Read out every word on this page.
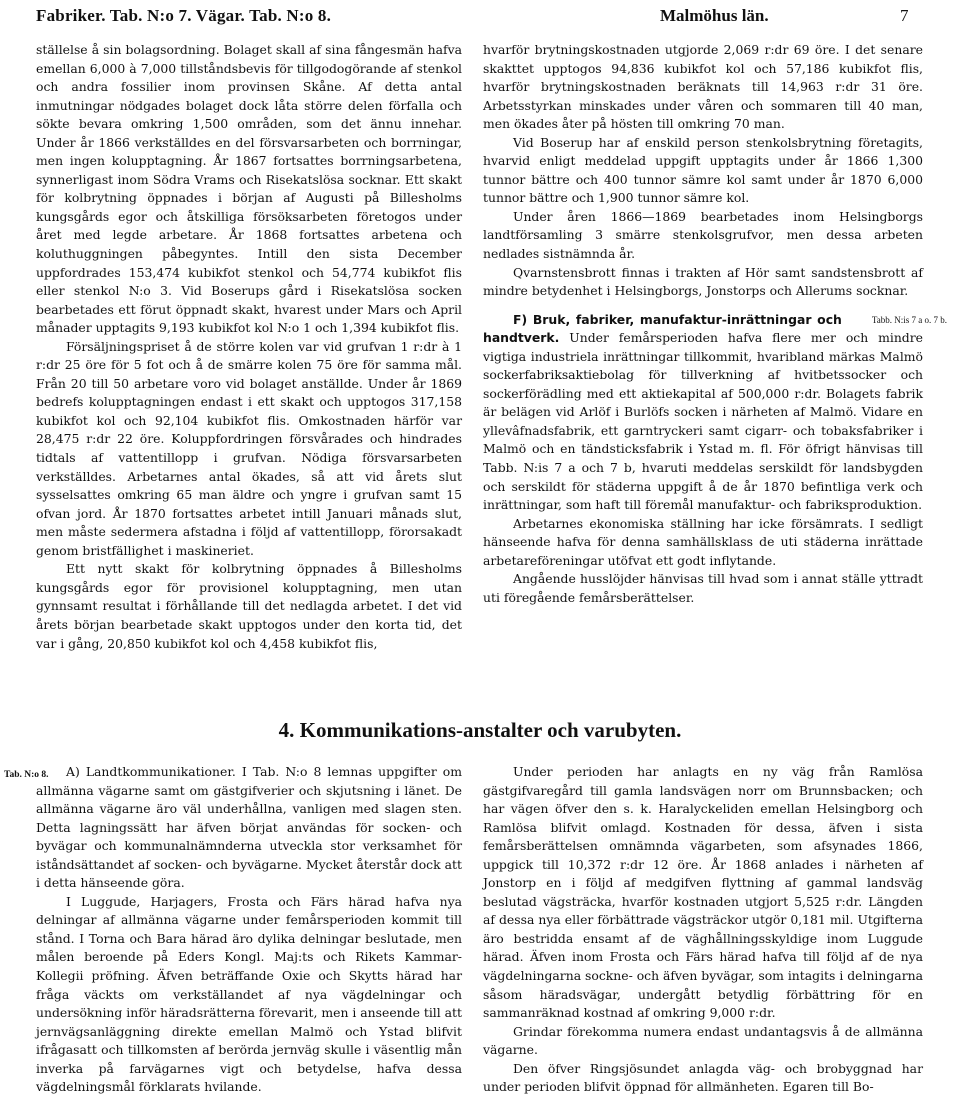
Fabriker. Tab. N:o 7. Vägar. Tab. N:o 8.	Malmöhus län.	7

ställelse å sin bolagsordning. Bolaget skall af sina fångesmän hafva emellan 6,000 à 7,000 tillståndsbevis för tillgodogörande af stenkol och andra fossilier inom provinsen Skåne. Af detta antal inmutningar nödgades bolaget dock låta större delen förfalla och sökte bevara omkring 1,500 områden, som det ännu innehar. Under år 1866 verkställdes en del försvarsarbeten och borrningar, men ingen kolupptagning. År 1867 fortsattes borrningsarbetena, synnerligast inom Södra Vrams och Risekatslösa socknar. Ett skakt för kolbrytning öppnades i början af Augusti på Billesholms kungsgårds egor och åtskilliga försöksarbeten företogos under året med legde arbetare. År 1868 fortsattes arbetena och koluthuggningen påbegyntes. Intill den sista December uppfordrades 153,474 kubikfot stenkol och 54,774 kubikfot flis eller stenkol N:o 3. Vid Boserups gård i Risekatslösa socken bearbetades ett förut öppnadt skakt, hvarest under Mars och April månader upptagits 9,193 kubikfot kol N:o 1 och 1,394 kubikfot flis.

Försäljningspriset å de större kolen var vid grufvan 1 r:dr à 1 r:dr 25 öre för 5 fot och å de smärre kolen 75 öre för samma mål. Från 20 till 50 arbetare voro vid bolaget anställde. Under år 1869 bedrefs kolupptagningen endast i ett skakt och upptogos 317,158 kubikfot kol och 92,104 kubikfot flis. Omkostnaden härför var 28,475 r:dr 22 öre. Koluppfordringen försvårades och hindrades tidtals af vattentillopp i grufvan. Nödiga försvarsarbeten verkställdes. Arbetarnes antal ökades, så att vid årets slut sysselsattes omkring 65 man äldre och yngre i grufvan samt 15 ofvan jord. År 1870 fortsattes arbetet intill Januari månads slut, men måste sedermera afstadna i följd af vattentillopp, förorsakadt genom bristfällighet i maskineriet.

Ett nytt skakt för kolbrytning öppnades å Billesholms kungsgårds egor för provisionel kolupptagning, men utan gynnsamt resultat i förhållande till det nedlagda arbetet. I det vid årets början bearbetade skakt upptogos under den korta tid, det var i gång, 20,850 kubikfot kol och 4,458 kubikfot flis,

hvarför brytningskostnaden utgjorde 2,069 r:dr 69 öre. I det senare skakttet upptogos 94,836 kubikfot kol och 57,186 kubikfot flis, hvarför brytningskostnaden beräknats till 14,963 r:dr 31 öre. Arbetsstyrkan minskades under våren och sommaren till 40 man, men ökades åter på hösten till omkring 70 man.

Vid Boserup har af enskild person stenkolsbrytning företagits, hvarvid enligt meddelad uppgift upptagits under år 1866 1,300 tunnor bättre och 400 tunnor sämre kol samt under år 1870 6,000 tunnor bättre och 1,900 tunnor sämre kol.

Under åren 1866—1869 bearbetades inom Helsingborgs landtförsamling 3 smärre stenkolsgrufvor, men dessa arbeten nedlades sistnämnda år.

Qvarnstensbrott finnas i trakten af Hör samt sandstensbrott af mindre betydenhet i Helsingborgs, Jonstorps och Allerums socknar.

Tabb. N:is 7 a o. 7 b.
F) Bruk, fabriker, manufaktur-inrättningar och handtverk. Under femårsperioden hafva flere mer och mindre vigtiga industriela inrättningar tillkommit, hvaribland märkas Malmö sockerfabriksaktiebolag för tillverkning af hvitbetssocker och sockerförädling med ett aktiekapital af 500,000 r:dr. Bolagets fabrik är belägen vid Arlöf i Burlöfs socken i närheten af Malmö. Vidare en yllevâfnadsfabrik, ett garntryckeri samt cigarr- och tobaksfabriker i Malmö och en tändsticksfabrik i Ystad m. fl. För öfrigt hänvisas till Tabb. N:is 7 a och 7 b, hvaruti meddelas serskildt för landsbygden och serskildt för städerna uppgift å de år 1870 befintliga verk och inrättningar, som haft till föremål manufaktur- och fabriksproduktion.

Arbetarnes ekonomiska ställning har icke försämrats. I sedligt hänseende hafva för denna samhällsklass de uti städerna inrättade arbetareföreningar utöfvat ett godt inflytande.

Angående husslöjder hänvisas till hvad som i annat ställe yttradt uti föregående femårsberättelser.

4. Kommunikations-anstalter och varubyten.
Tab. N:o 8.	A) Landtkommunikationer. I Tab. N:o 8 lemnas uppgifter om allmänna vägarne samt om gästgifverier och skjutsning i länet. De allmänna vägarne äro väl underhållna, vanligen med slagen sten. Detta lagningssätt har äfven börjat användas för socken- och byvägar och kommunalnämnderna utveckla stor verksamhet för iståndsättandet af socken- och byvägarne. Mycket återstår dock att i detta hänseende göra.

I Luggude, Harjagers, Frosta och Färs härad hafva nya delningar af allmänna vägarne under femårsperioden kommit till stånd. I Torna och Bara härad äro dylika delningar beslutade, men målen beroende på Eders Kongl. Maj:ts och Rikets Kammar-Kollegii pröfning. Äfven beträffande Oxie och Skytts härad har fråga väckts om verkställandet af nya vägdelningar och undersökning inför häradsrätterna förevarit, men i anseende till att jernvägsanläggning direkte emellan Malmö och Ystad blifvit ifrågasatt och tillkomsten af berörda jernväg skulle i väsentlig mån inverka på farvägarnes vigt och betydelse, hafva dessa vägdelningsmål förklarats hvilande.

Under perioden har anlagts en ny väg från Ramlösa gästgifvaregård till gamla landsvägen norr om Brunnsbacken; och har vägen öfver den s. k. Haralyckeliden emellan Helsingborg och Ramlösa blifvit omlagd. Kostnaden för dessa, äfven i sista femårsberättelsen omnämnda vägarbeten, som afsynades 1866, uppgick till 10,372 r:dr 12 öre. År 1868 anlades i närheten af Jonstorp en i följd af medgifven flyttning af gammal landsväg beslutad vägsträcka, hvarför kostnaden utgjort 5,525 r:dr. Längden af dessa nya eller förbättrade vägsträckor utgör 0,181 mil. Utgifterna äro bestridda ensamt af de väghållningsskyldige inom Luggude härad. Äfven inom Frosta och Färs härad hafva till följd af de nya vägdelningarna sockne- och äfven byvägar, som intagits i delningarna såsom häradsvägar, undergått betydlig förbättring för en sammanräknad kostnad af omkring 9,000 r:dr.

Grindar förekomma numera endast undantagsvis å de allmänna vägarne.

Den öfver Ringsjösundet anlagda väg- och brobyggnad har under perioden blifvit öppnad för allmänheten. Egaren till Bo-
